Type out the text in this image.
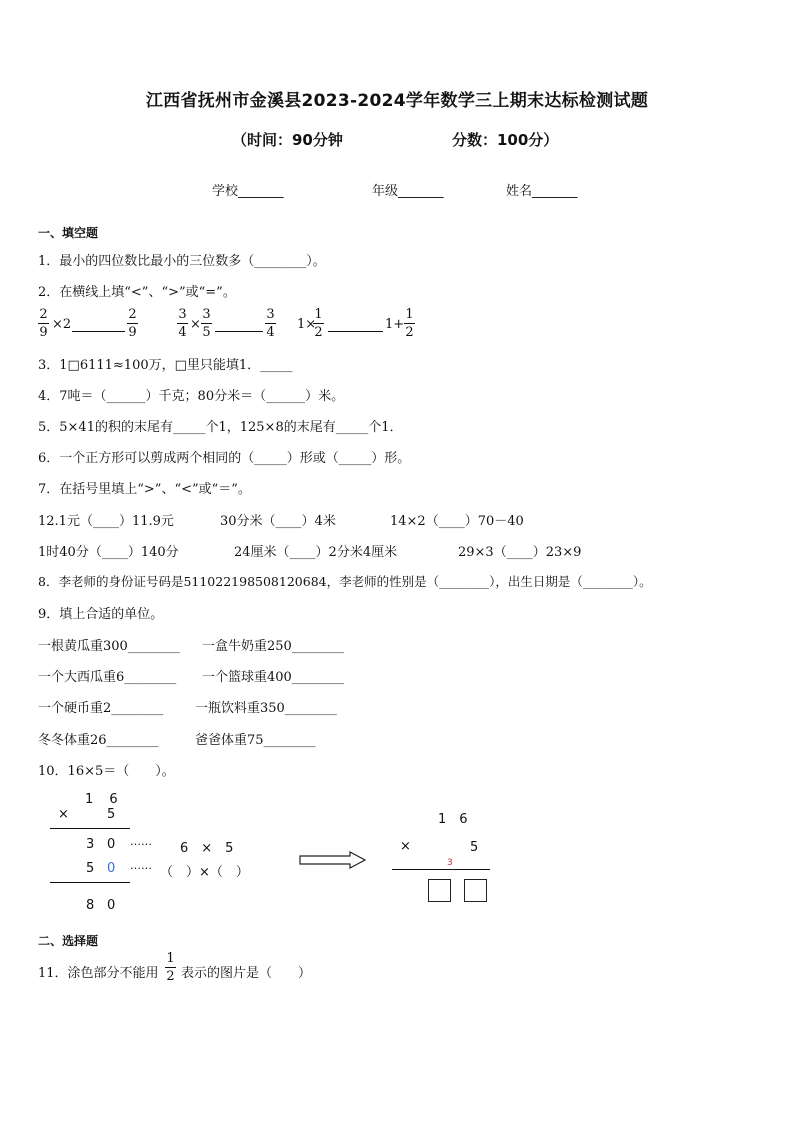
江西省抚州市金溪县2023-2024学年数学三上期末达标检测试题
（时间：90分钟	分数：100分）
学校_______	年级_______	姓名_______
一、填空题
1．最小的四位数比最小的三位数多（________）。
2．在横线上填“<”、“>”或“=”。
2
9
×2
2
9
3
4
×
3
5
3
4
1×
1
2
1+
1
2
3．1□6111≈100万，□里只能填1．_____
4．7吨＝（______）千克；80分米＝（______）米。
5．5×41的积的末尾有_____个1，125×8的末尾有_____个1．
6．一个正方形可以剪成两个相同的（_____）形或（_____）形。
7．在括号里填上“>”、“<”或“＝”。
12.1元（____）11.9元	30分米（____）4米	14×2（____）70－40
1时40分（____）140分	24厘米（____）2分米4厘米	29×3（____）23×9
8．李老师的身份证号码是511022198508120684，李老师的性别是（________），出生日期是（________）。
9．填上合适的单位。
一根黄瓜重300________ 一盒牛奶重250________
一个大西瓜重6________ 一个篮球重400________
一个硬币重2________ 一瓶饮料重350________
冬冬体重26________	爸爸体重75________
10．16×5＝（　　）。
1 6
×	5
3 0 …… 6　×　5
5 0 …… （　）×（　）
8 0
1　6
×	5
3
二、选择题
11．涂色部分不能用
1
2 表示的图片是（　　）
